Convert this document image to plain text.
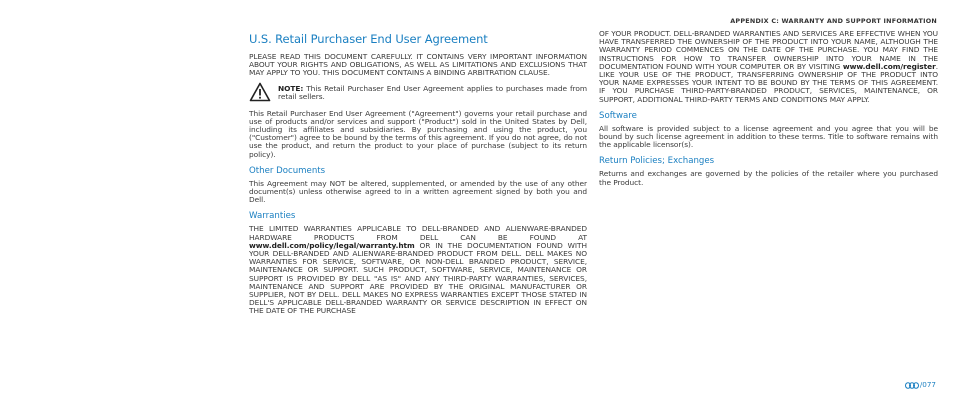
APPENDIX C: WARRANTY AND SUPPORT INFORMATION
U.S. Retail Purchaser End User Agreement

PLEASE READ THIS DOCUMENT CAREFULLY. IT CONTAINS VERY IMPORTANT INFORMATION ABOUT YOUR RIGHTS AND OBLIGATIONS, AS WELL AS LIMITATIONS AND EXCLUSIONS THAT MAY APPLY TO YOU. THIS DOCUMENT CONTAINS A BINDING ARBITRATION CLAUSE.

NOTE: This Retail Purchaser End User Agreement applies to purchases made from retail sellers.

This Retail Purchaser End User Agreement ("Agreement") governs your retail purchase and use of products and/or services and support ("Product") sold in the United States by Dell, including its affiliates and subsidiaries. By purchasing and using the product, you ("Customer") agree to be bound by the terms of this agreement. If you do not agree, do not use the product, and return the product to your place of purchase (subject to its return policy).

Other Documents

This Agreement may NOT be altered, supplemented, or amended by the use of any other document(s) unless otherwise agreed to in a written agreement signed by both you and Dell.

Warranties

THE LIMITED WARRANTIES APPLICABLE TO DELL-BRANDED AND ALIENWARE-BRANDED HARDWARE PRODUCTS FROM DELL CAN BE FOUND AT www.dell.com/policy/legal/warranty.htm OR IN THE DOCUMENTATION FOUND WITH YOUR DELL-BRANDED AND ALIENWARE-BRANDED PRODUCT FROM DELL. DELL MAKES NO WARRANTIES FOR SERVICE, SOFTWARE, OR NON-DELL BRANDED PRODUCT, SERVICE, MAINTENANCE OR SUPPORT. SUCH PRODUCT, SOFTWARE, SERVICE, MAINTENANCE OR SUPPORT IS PROVIDED BY DELL "AS IS" AND ANY THIRD-PARTY WARRANTIES, SERVICES, MAINTENANCE AND SUPPORT ARE PROVIDED BY THE ORIGINAL MANUFACTURER OR SUPPLIER, NOT BY DELL. DELL MAKES NO EXPRESS WARRANTIES EXCEPT THOSE STATED IN DELL'S APPLICABLE DELL-BRANDED WARRANTY OR SERVICE DESCRIPTION IN EFFECT ON THE DATE OF THE PURCHASE

OF YOUR PRODUCT. DELL-BRANDED WARRANTIES AND SERVICES ARE EFFECTIVE WHEN YOU HAVE TRANSFERRED THE OWNERSHIP OF THE PRODUCT INTO YOUR NAME, ALTHOUGH THE WARRANTY PERIOD COMMENCES ON THE DATE OF THE PURCHASE. YOU MAY FIND THE INSTRUCTIONS FOR HOW TO TRANSFER OWNERSHIP INTO YOUR NAME IN THE DOCUMENTATION FOUND WITH YOUR COMPUTER OR BY VISITING www.dell.com/register. LIKE YOUR USE OF THE PRODUCT, TRANSFERRING OWNERSHIP OF THE PRODUCT INTO YOUR NAME EXPRESSES YOUR INTENT TO BE BOUND BY THE TERMS OF THIS AGREEMENT. IF YOU PURCHASE THIRD-PARTY-BRANDED PRODUCT, SERVICES, MAINTENANCE, OR SUPPORT, ADDITIONAL THIRD-PARTY TERMS AND CONDITIONS MAY APPLY.

Software

All software is provided subject to a license agreement and you agree that you will be bound by such license agreement in addition to these terms. Title to software remains with the applicable licensor(s).

Return Policies; Exchanges

Returns and exchanges are governed by the policies of the retailer where you purchased the Product.

/ 077
